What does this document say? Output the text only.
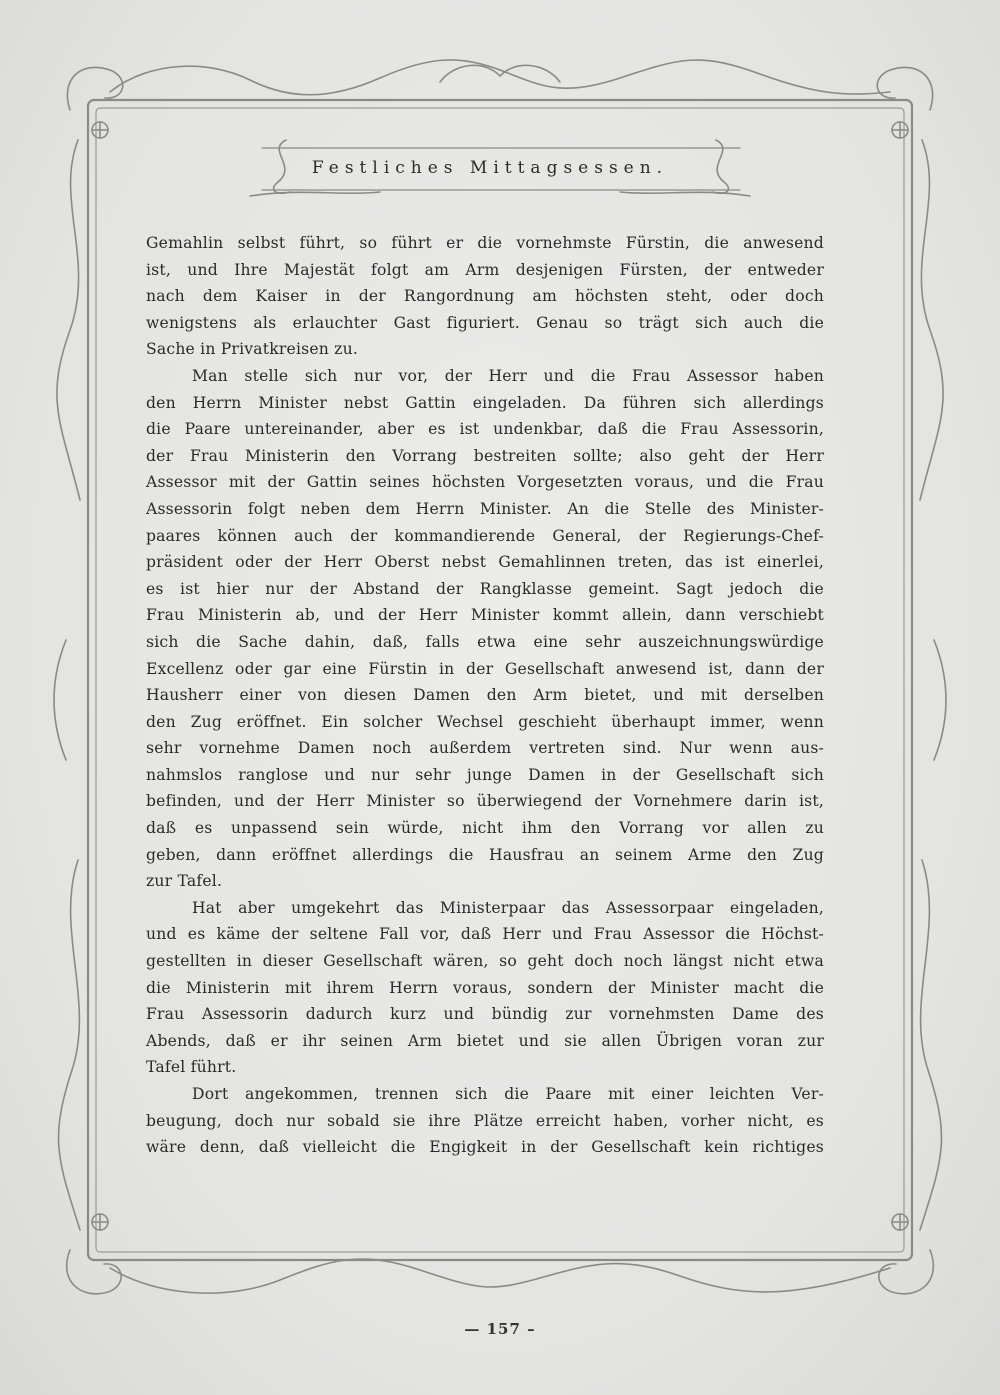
Festliches Mittagsessen.
Gemahlin selbst führt, so führt er die vornehmste Fürstin, die anwesend
ist, und Ihre Majestät folgt am Arm desjenigen Fürsten, der entweder
nach dem Kaiser in der Rangordnung am höchsten steht, oder doch
wenigstens als erlauchter Gast figuriert. Genau so trägt sich auch die
Sache in Privatkreisen zu.
Man stelle sich nur vor, der Herr und die Frau Assessor haben
den Herrn Minister nebst Gattin eingeladen. Da führen sich allerdings
die Paare untereinander, aber es ist undenkbar, daß die Frau Assessorin,
der Frau Ministerin den Vorrang bestreiten sollte; also geht der Herr
Assessor mit der Gattin seines höchsten Vorgesetzten voraus, und die Frau
Assessorin folgt neben dem Herrn Minister. An die Stelle des Minister-
paares können auch der kommandierende General, der Regierungs-Chef-
präsident oder der Herr Oberst nebst Gemahlinnen treten, das ist einerlei,
es ist hier nur der Abstand der Rangklasse gemeint. Sagt jedoch die
Frau Ministerin ab, und der Herr Minister kommt allein, dann verschiebt
sich die Sache dahin, daß, falls etwa eine sehr auszeichnungswürdige
Excellenz oder gar eine Fürstin in der Gesellschaft anwesend ist, dann der
Hausherr einer von diesen Damen den Arm bietet, und mit derselben
den Zug eröffnet. Ein solcher Wechsel geschieht überhaupt immer, wenn
sehr vornehme Damen noch außerdem vertreten sind. Nur wenn aus-
nahmslos ranglose und nur sehr junge Damen in der Gesellschaft sich
befinden, und der Herr Minister so überwiegend der Vornehmere darin ist,
daß es unpassend sein würde, nicht ihm den Vorrang vor allen zu
geben, dann eröffnet allerdings die Hausfrau an seinem Arme den Zug
zur Tafel.
Hat aber umgekehrt das Ministerpaar das Assessorpaar eingeladen,
und es käme der seltene Fall vor, daß Herr und Frau Assessor die Höchst-
gestellten in dieser Gesellschaft wären, so geht doch noch längst nicht etwa
die Ministerin mit ihrem Herrn voraus, sondern der Minister macht die
Frau Assessorin dadurch kurz und bündig zur vornehmsten Dame des
Abends, daß er ihr seinen Arm bietet und sie allen Übrigen voran zur
Tafel führt.
Dort angekommen, trennen sich die Paare mit einer leichten Ver-
beugung, doch nur sobald sie ihre Plätze erreicht haben, vorher nicht, es
wäre denn, daß vielleicht die Engigkeit in der Gesellschaft kein richtiges
— 157 –
